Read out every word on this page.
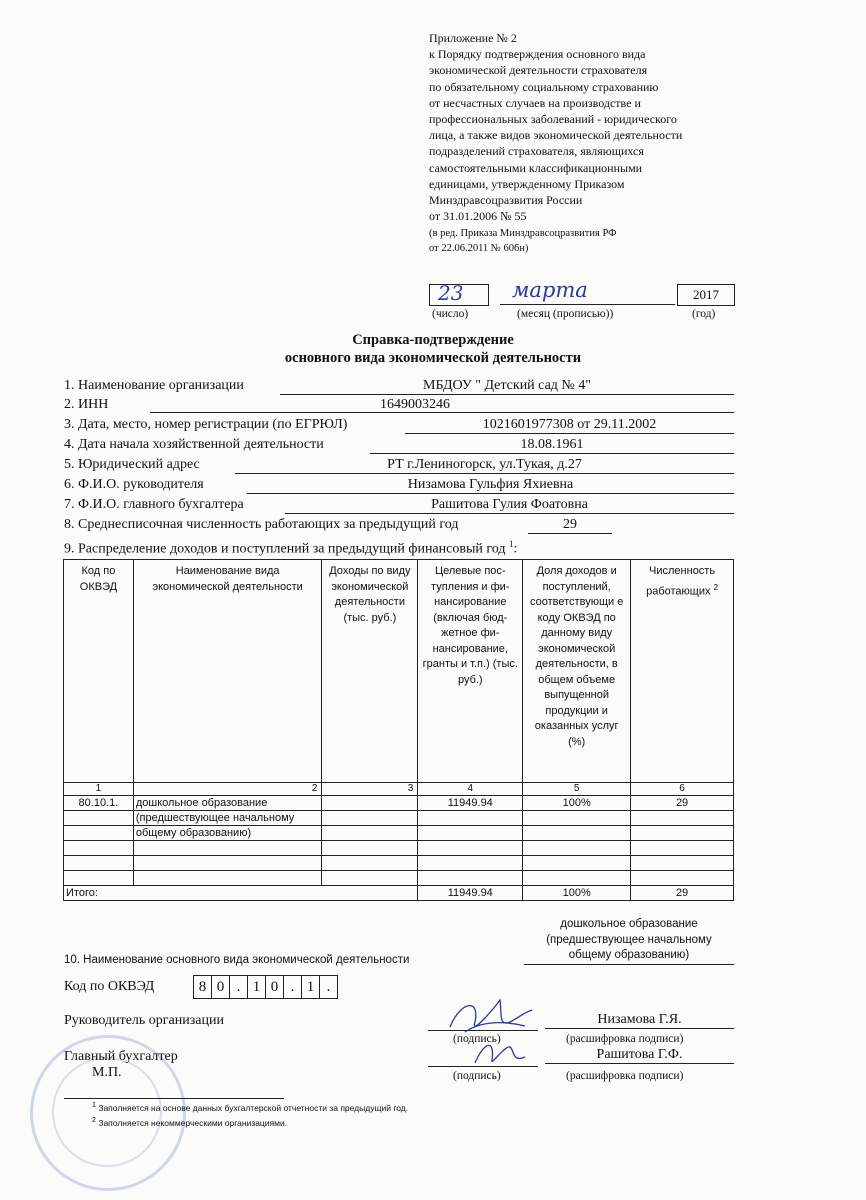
Приложение № 2
к Порядку подтверждения основного вида
экономической деятельности страхователя
по обязательному социальному страхованию
от несчастных случаев на производстве и
профессиональных заболеваний - юридического
лица, а также видов экономической деятельности
подразделений страхователя, являющихся
самостоятельными классификационными
единицами, утвержденному Приказом
Минздравсоцразвития России
от 31.01.2006 № 55
(в ред. Приказа Минздравсоцразвития РФ
от 22.06.2011 № 606н)
23 марта	2017
(число)	(месяц (прописью))	(год)
Справка-подтверждение
основного вида экономической деятельности
1. Наименование организации	МБДОУ " Детский сад № 4"
2. ИНН	1649003246
3. Дата, место, номер регистрации (по ЕГРЮЛ)	1021601977308 от 29.11.2002
4. Дата начала хозяйственной деятельности	18.08.1961
5. Юридический адрес	РТ г.Лениногорск, ул.Тукая, д.27
6. Ф.И.О. руководителя	Низамова Гульфия Яхиевна
7. Ф.И.О. главного бухгалтера	Рашитова Гулия Фоатовна
8. Среднесписочная численность работающих за предыдущий год	29
9. Распределение доходов и поступлений за предыдущий финансовый год $^1$:
Код по ОКВЭД	Наименование вида экономической деятельности	Доходы по виду экономической деятельности (тыс. руб.)	Целевые пос- тупления и фи- нансирование (включая бюд- жетное фи- нансирование, гранты и т.п.) (тыс. руб.)	Доля доходов и поступлений, соответствующи е коду ОКВЭД по данному виду экономической деятельности, в общем объеме выпущенной продукции и оказанных услуг (%)	Численность работающих $^2$
1	2	3	4	5	6
80.10.1.	дошкольное образование		11949.94	100%	29
	(предшествующее начальному				
	общему образованию)				

Итого:			11949.94	100%	29
дошкольное образование
(предшествующее начальному
общему образованию)
10. Наименование основного вида экономической деятельности
Код по ОКВЭД	8 0 . 1 0 . 1 .
Руководитель организации	Низамова Г.Я.
(подпись)	(расшифровка подписи)
Главный бухгалтер
М.П.
Рашитова Г.Ф.
(подпись)	(расшифровка подписи)
$^1$ Заполняется на основе данных бухгалтерской отчетности за предыдущий год.
$^2$ Заполняется некоммерческими организациями.
